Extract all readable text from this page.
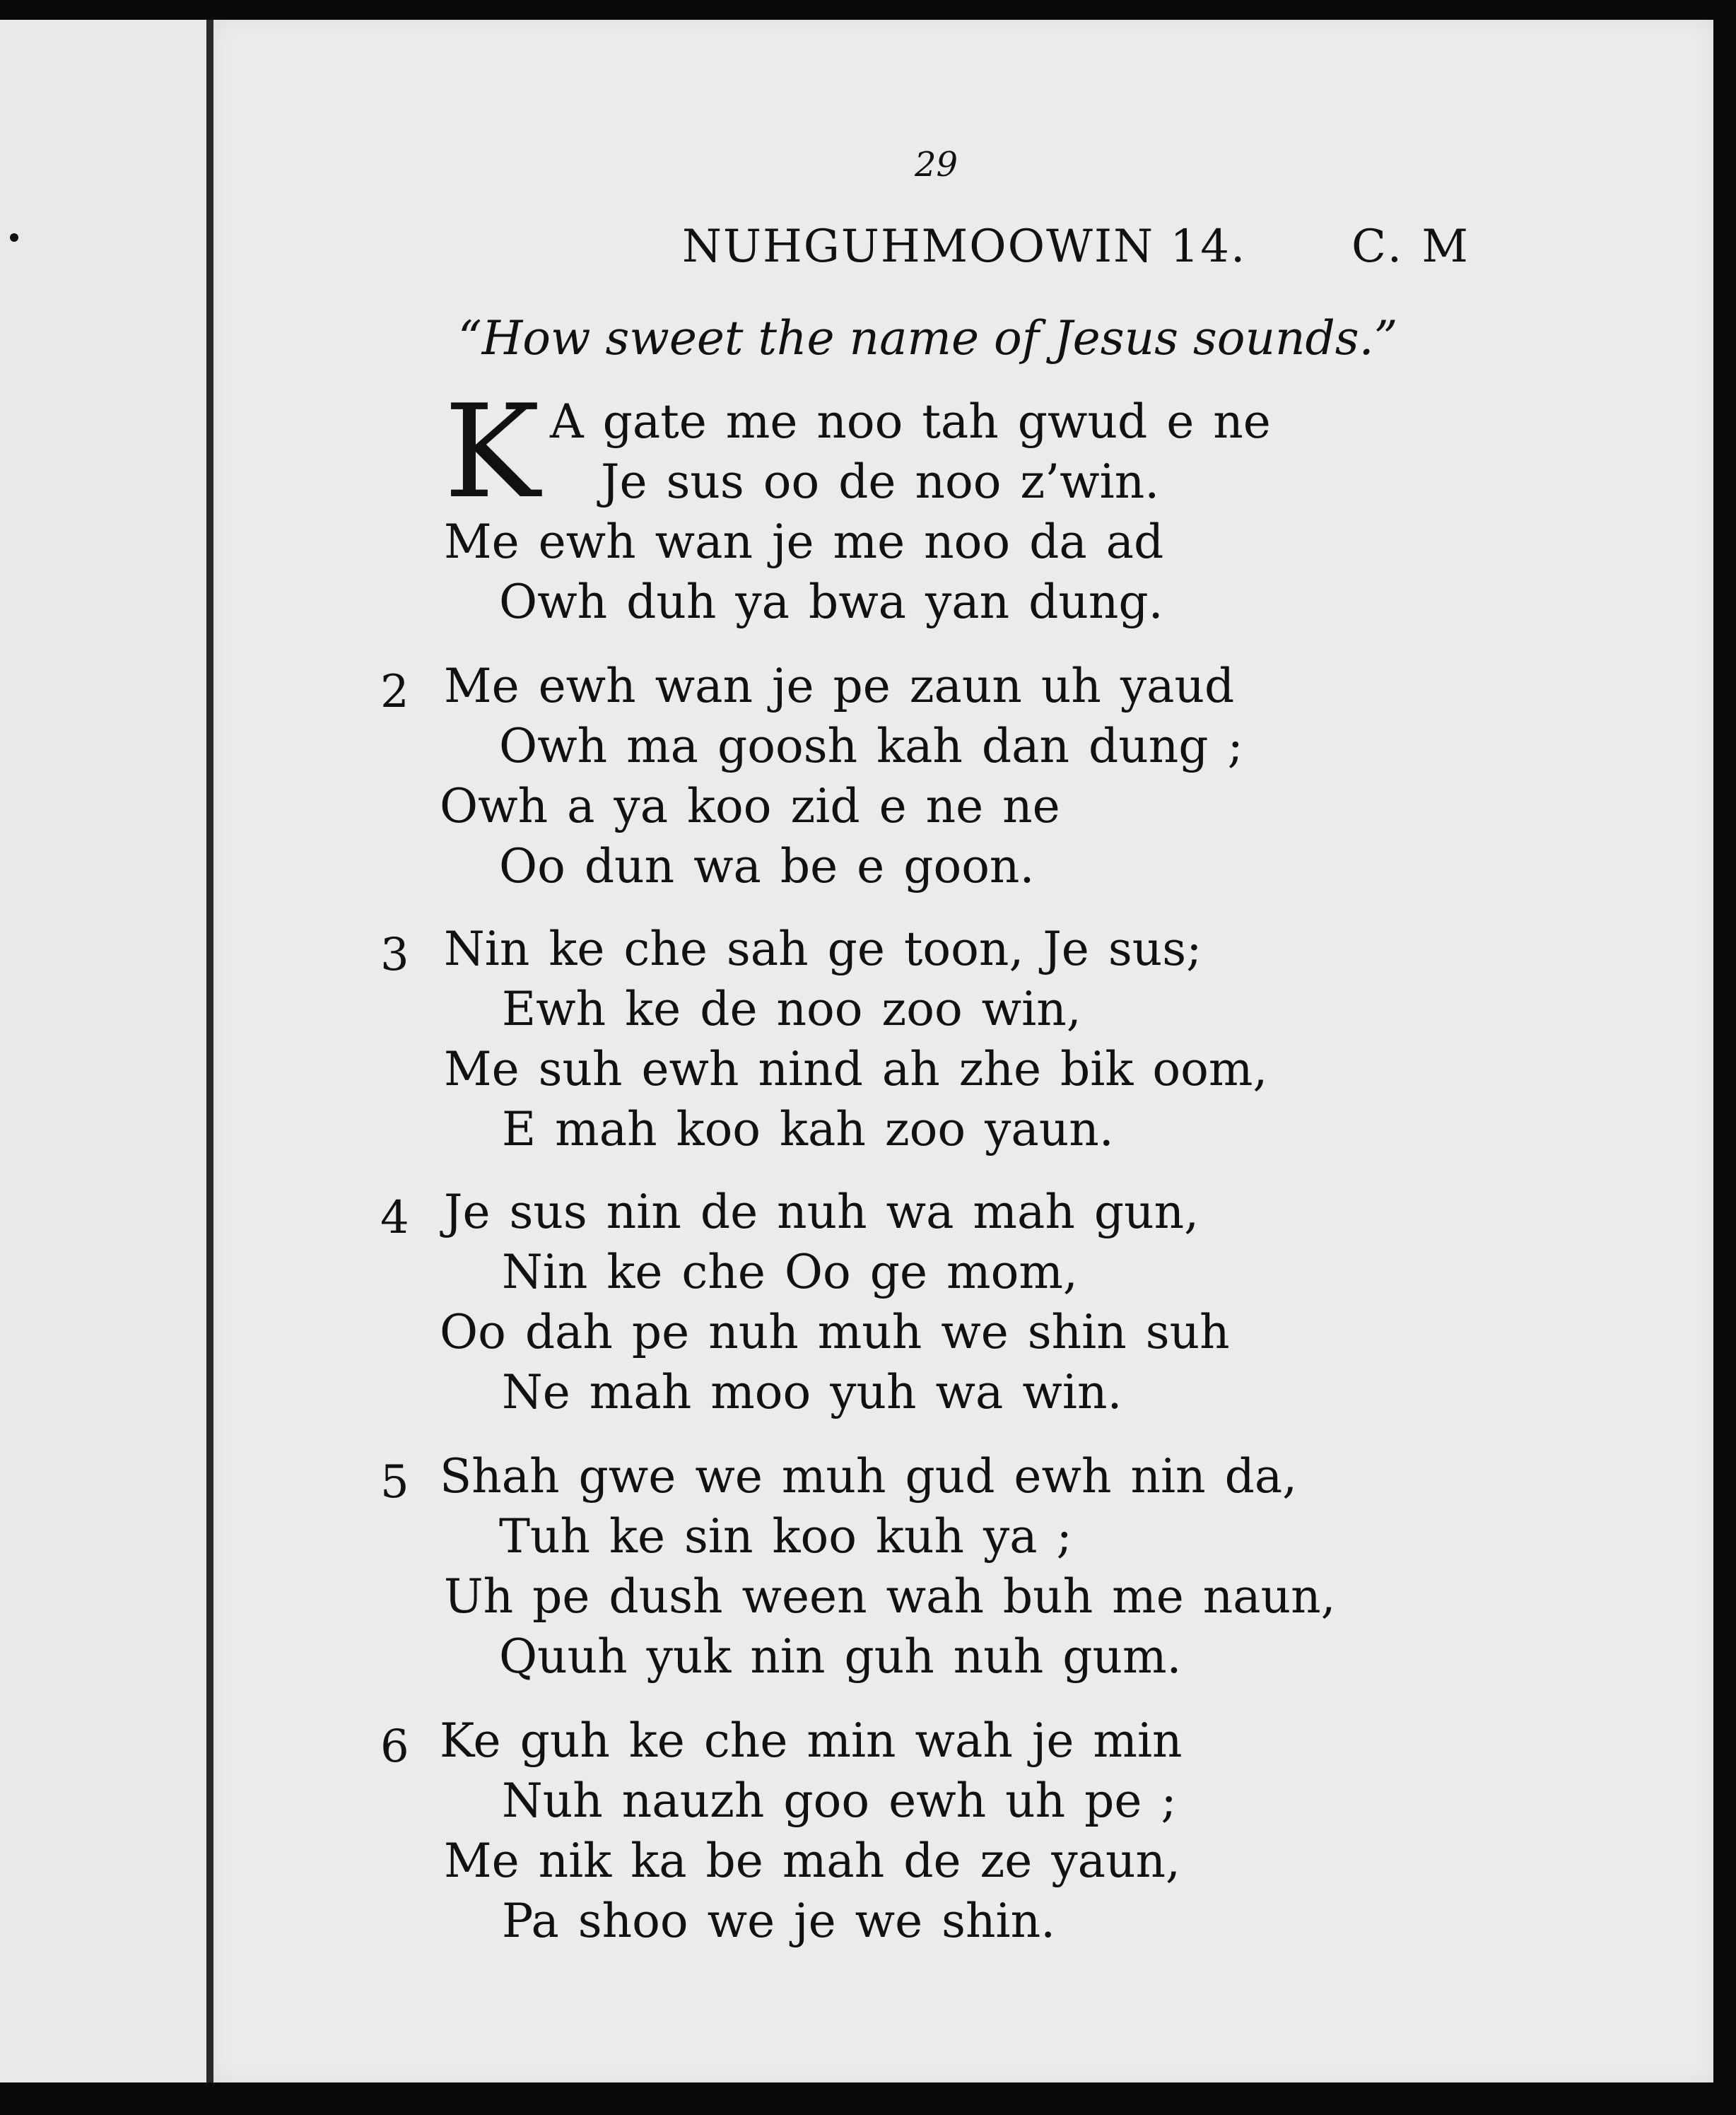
29
NUHGUHMOOWIN 14. C. M
“How sweet the name of Jesus sounds.”
K A gate me noo tah gwud e ne
Je sus oo de noo z’win.
Me ewh wan je me noo da ad
Owh duh ya bwa yan dung.
2 Me ewh wan je pe zaun uh yaud
Owh ma goosh kah dan dung ;
Owh a ya koo zid e ne ne
Oo dun wa be e goon.
3 Nin ke che sah ge toon, Je sus;
Ewh ke de noo zoo win,
Me suh ewh nind ah zhe bik oom,
E mah koo kah zoo yaun.
4 Je sus nin de nuh wa mah gun,
Nin ke che Oo ge mom,
Oo dah pe nuh muh we shin suh
Ne mah moo yuh wa win.
5 Shah gwe we muh gud ewh nin da,
Tuh ke sin koo kuh ya ;
Uh pe dush ween wah buh me naun,
Quuh yuk nin guh nuh gum.
6 Ke guh ke che min wah je min
Nuh nauzh goo ewh uh pe ;
Me nik ka be mah de ze yaun,
Pa shoo we je we shin.
